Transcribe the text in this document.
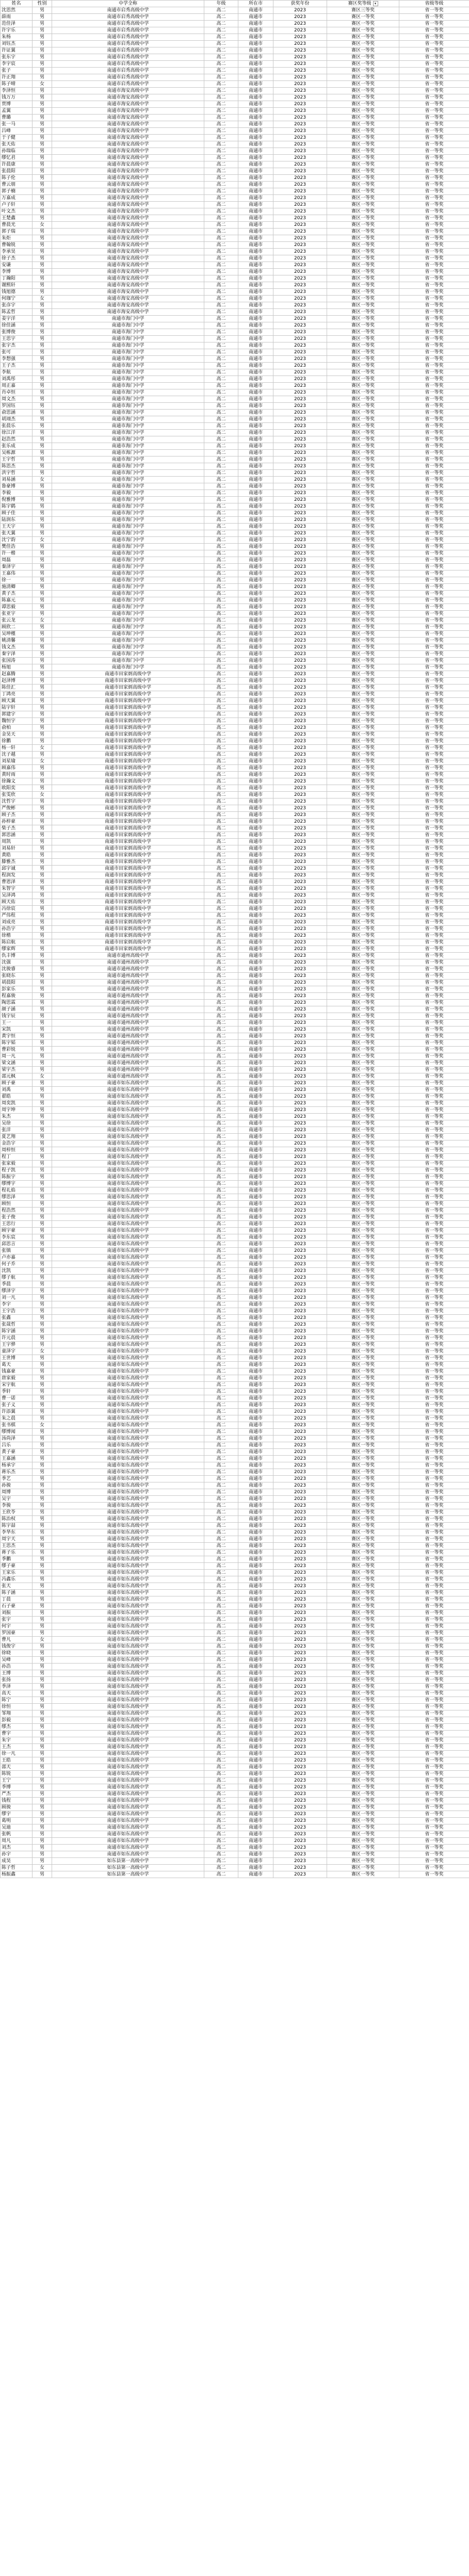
姓名	性别	中学全称	年级	所在市	获奖年份	赛区奖等级 ▾	省级等级
沈思然	男	南通市启秀高级中学	高二	南通市	2023	赛区三等奖	省一等奖
薛雨	男	南通市启秀高级中学	高二	南通市	2023	赛区一等奖	省一等奖
范佳泽	男	南通市启秀高级中学	高二	南通市	2023	赛区一等奖	省一等奖
许宇乐	男	南通市启秀高级中学	高二	南通市	2023	赛区一等奖	省一等奖
朱杨	男	南通市启秀高级中学	高二	南通市	2023	赛区一等奖	省一等奖
刘钰杰	男	南通市启秀高级中学	高二	南通市	2023	赛区一等奖	省一等奖
许证翼	男	南通市启秀高级中学	高二	南通市	2023	赛区一等奖	省一等奖
张东宇	男	南通市启秀高级中学	高二	南通市	2023	赛区一等奖	省一等奖
李宇宸	男	南通市启秀高级中学	高二	南通市	2023	赛区一等奖	省一等奖
张子	男	南通市启秀高级中学	高二	南通市	2023	赛区一等奖	省一等奖
许正翔	男	南通市启秀高级中学	高二	南通市	2023	赛区一等奖	省一等奖
陈子晴	女	南通市启秀高级中学	高二	南通市	2023	赛区一等奖	省一等奖
李泽恒	男	南通市海安高级中学	高二	南通市	2023	赛区一等奖	省一等奖
钱万万	男	南通市海安高级中学	高二	南通市	2023	赛区一等奖	省一等奖
贾博	男	南通市海安高级中学	高二	南通市	2023	赛区一等奖	省一等奖
孟翼	男	南通市海安高级中学	高二	南通市	2023	赛区一等奖	省一等奖
曹璐	男	南通市海安高级中学	高二	南通市	2023	赛区一等奖	省一等奖
张一马	男	南通市海安高级中学	高二	南通市	2023	赛区一等奖	省一等奖
吕峰	男	南通市海安高级中学	高二	南通市	2023	赛区一等奖	省一等奖
于子健	男	南通市海安高级中学	高二	南通市	2023	赛区一等奖	省一等奖
张天佑	男	南通市海安高级中学	高二	南通市	2023	赛区一等奖	省一等奖
孙瑞临	男	南通市海安高级中学	高二	南通市	2023	赛区一等奖	省一等奖
缪忆君	男	南通市海安高级中学	高二	南通市	2023	赛区一等奖	省一等奖
许晨康	男	南通市海安高级中学	高二	南通市	2023	赛区一等奖	省一等奖
张晨阳	男	南通市海安高级中学	高二	南通市	2023	赛区一等奖	省一等奖
陈子伦	男	南通市海安高级中学	高二	南通市	2023	赛区一等奖	省一等奖
曹云朋	男	南通市海安高级中学	高二	南通市	2023	赛区一等奖	省一等奖
郭子楠	男	南通市海安高级中学	高二	南通市	2023	赛区一等奖	省一等奖
万嘉成	男	南通市海安高级中学	高二	南通市	2023	赛区一等奖	省一等奖
卢子轩	男	南通市海安高级中学	高二	南通市	2023	赛区一等奖	省一等奖
叶文杰	男	南通市海安高级中学	高二	南通市	2023	赛区一等奖	省一等奖
王楚鑫	男	南通市海安高级中学	高二	南通市	2023	赛区一等奖	省一等奖
曹晨光	女	南通市海安高级中学	高二	南通市	2023	赛区一等奖	省一等奖
郭子瑞	男	南通市海安高级中学	高二	南通市	2023	赛区一等奖	省一等奖
朱炬	男	南通市海安高级中学	高二	南通市	2023	赛区一等奖	省一等奖
曹翰锐	男	南通市海安高级中学	高二	南通市	2023	赛区一等奖	省一等奖
李承昊	男	南通市海安高级中学	高二	南通市	2023	赛区一等奖	省一等奖
徐子杰	男	南通市海安高级中学	高二	南通市	2023	赛区一等奖	省一等奖
安谦	男	南通市海安高级中学	高二	南通市	2023	赛区一等奖	省一等奖
李博	男	南通市海安高级中学	高二	南通市	2023	赛区一等奖	省一等奖
丁瀚阳	男	南通市海安高级中学	高二	南通市	2023	赛区一等奖	省一等奖
谢熙轩	男	南通市海安高级中学	高二	南通市	2023	赛区一等奖	省一等奖
钱旭德	男	南通市海安高级中学	高二	南通市	2023	赛区一等奖	省一等奖
何珈宁	女	南通市海安高级中学	高二	南通市	2023	赛区一等奖	省一等奖
张彦宇	男	南通市海安高级中学	高二	南通市	2023	赛区一等奖	省一等奖
陈孟哲	男	南通市海安高级中学	高二	南通市	2023	赛区一等奖	省一等奖
姜宇洋	男	南通市海门中学	高二	南通市	2023	赛区一等奖	省一等奖
徐佳涵	男	南通市海门中学	高二	南通市	2023	赛区一等奖	省一等奖
张博俊	男	南通市海门中学	高二	南通市	2023	赛区一等奖	省一等奖
王思宇	男	南通市海门中学	高二	南通市	2023	赛区一等奖	省一等奖
张宇杰	男	南通市海门中学	高二	南通市	2023	赛区一等奖	省一等奖
张可	男	南通市海门中学	高二	南通市	2023	赛区一等奖	省一等奖
李想强	男	南通市海门中学	高二	南通市	2023	赛区一等奖	省一等奖
王子杰	男	南通市海门中学	高二	南通市	2023	赛区一等奖	省一等奖
李航	男	南通市海门中学	高二	南通市	2023	赛区一等奖	省一等奖
刘禹彤	男	南通市海门中学	高二	南通市	2023	赛区一等奖	省一等奖
周正嘉	男	南通市海门中学	高二	南通市	2023	赛区一等奖	省一等奖
肖卓恒	男	南通市海门中学	高二	南通市	2023	赛区一等奖	省一等奖
周文杰	男	南通市海门中学	高二	南通市	2023	赛区一等奖	省一等奖
罗国钰	男	南通市海门中学	高二	南通市	2023	赛区一等奖	省一等奖
俞思涵	男	南通市海门中学	高二	南通市	2023	赛区一等奖	省一等奖
胡翊杰	男	南通市海门中学	高二	南通市	2023	赛区一等奖	省一等奖
张晨乐	男	南通市海门中学	高二	南通市	2023	赛区一等奖	省一等奖
徐江洋	男	南通市海门中学	高二	南通市	2023	赛区一等奖	省一等奖
赵浩然	男	南通市海门中学	高二	南通市	2023	赛区一等奖	省一等奖
张乐成	男	南通市海门中学	高二	南通市	2023	赛区一等奖	省一等奖
吴栋源	男	南通市海门中学	高二	南通市	2023	赛区一等奖	省一等奖
王宇哲	男	南通市海门中学	高二	南通市	2023	赛区一等奖	省一等奖
陈思杰	男	南通市海门中学	高二	南通市	2023	赛区一等奖	省一等奖
洪宇哲	男	南通市海门中学	高二	南通市	2023	赛区一等奖	省一等奖
刘易涵	女	南通市海门中学	高二	南通市	2023	赛区一等奖	省一等奖
鲁豪博	男	南通市海门中学	高二	南通市	2023	赛区一等奖	省一等奖
李毅	男	南通市海门中学	高二	南通市	2023	赛区一等奖	省一等奖
倪雅博	男	南通市海门中学	高二	南通市	2023	赛区一等奖	省一等奖
陈宇鹤	男	南通市海门中学	高二	南通市	2023	赛区一等奖	省一等奖
顾子佳	男	南通市海门中学	高二	南通市	2023	赛区一等奖	省一等奖
陆润东	男	南通市海门中学	高二	南通市	2023	赛区一等奖	省一等奖
王天宇	男	南通市海门中学	高二	南通市	2023	赛区一等奖	省一等奖
张天翼	男	南通市海门中学	高二	南通市	2023	赛区一等奖	省一等奖
沈宁韵	女	南通市海门中学	高二	南通市	2023	赛区一等奖	省一等奖
樊佳浩	男	南通市海门中学	高二	南通市	2023	赛区一等奖	省一等奖
许一楷	男	南通市海门中学	高二	南通市	2023	赛区一等奖	省一等奖
周磊	男	南通市海门中学	高二	南通市	2023	赛区一等奖	省一等奖
秦泽宇	男	南通市海门中学	高二	南通市	2023	赛区一等奖	省一等奖
王嘉伟	男	南通市海门中学	高二	南通市	2023	赛区一等奖	省一等奖
徐一	男	南通市海门中学	高二	南通市	2023	赛区一等奖	省一等奖
施清卿	男	南通市海门中学	高二	南通市	2023	赛区一等奖	省一等奖
黄子杰	男	南通市海门中学	高二	南通市	2023	赛区一等奖	省一等奖
陈嘉元	男	南通市海门中学	高二	南通市	2023	赛区一等奖	省一等奖
谭思毅	男	南通市海门中学	高二	南通市	2023	赛区一等奖	省一等奖
张亚宇	男	南通市海门中学	高二	南通市	2023	赛区一等奖	省一等奖
张云龙	女	南通市海门中学	高二	南通市	2023	赛区一等奖	省一等奖
顾欣二	男	南通市海门中学	高二	南通市	2023	赛区一等奖	省一等奖
吴坤槿	男	南通市海门中学	高二	南通市	2023	赛区一等奖	省一等奖
姚清馨	男	南通市海门中学	高二	南通市	2023	赛区一等奖	省一等奖
钱文杰	男	南通市海门中学	高二	南通市	2023	赛区一等奖	省一等奖
秦宇泽	男	南通市海门中学	高二	南通市	2023	赛区一等奖	省一等奖
张国涛	男	南通市海门中学	高二	南通市	2023	赛区一等奖	省一等奖
杨旭	男	南通市海门中学	高二	南通市	2023	赛区一等奖	省一等奖
赵嘉腾	男	南通市田家炳高级中学	高二	南通市	2023	赛区一等奖	省一等奖
赵泽博	男	南通市田家炳高级中学	高二	南通市	2023	赛区一等奖	省一等奖
陈佳汇	男	南通市田家炳高级中学	高二	南通市	2023	赛区一等奖	省一等奖
丁鸿亮	男	南通市田家炳高级中学	高二	南通市	2023	赛区一等奖	省一等奖
顾天翼	男	南通市田家炳高级中学	高二	南通市	2023	赛区一等奖	省一等奖
陆宇轩	男	南通市田家炳高级中学	高二	南通市	2023	赛区一等奖	省一等奖
郭建宇	男	南通市田家炳高级中学	高二	南通市	2023	赛区一等奖	省一等奖
魏恒宇	男	南通市田家炳高级中学	高二	南通市	2023	赛区一等奖	省一等奖
俞柏	男	南通市田家炳高级中学	高二	南通市	2023	赛区一等奖	省一等奖
金昊天	男	南通市田家炳高级中学	高二	南通市	2023	赛区一等奖	省一等奖
徐鹏	男	南通市田家炳高级中学	高二	南通市	2023	赛区一等奖	省一等奖
杨一轩	女	南通市田家炳高级中学	高二	南通市	2023	赛区一等奖	省一等奖
沈子越	男	南通市田家炳高级中学	高二	南通市	2023	赛区一等奖	省一等奖
刘星瑜	女	南通市田家炳高级中学	高二	南通市	2023	赛区一等奖	省一等奖
顾嘉伟	男	南通市田家炳高级中学	高二	南通市	2023	赛区一等奖	省一等奖
黄时雨	男	南通市田家炳高级中学	高二	南通市	2023	赛区一等奖	省一等奖
徐瀚文	男	南通市田家炳高级中学	高二	南通市	2023	赛区一等奖	省一等奖
欧阳奕	男	南通市田家炳高级中学	高二	南通市	2023	赛区一等奖	省一等奖
张雯欣	女	南通市田家炳高级中学	高二	南通市	2023	赛区一等奖	省一等奖
沈哲宇	男	南通市田家炳高级中学	高二	南通市	2023	赛区一等奖	省一等奖
严俊彬	男	南通市田家炳高级中学	高二	南通市	2023	赛区一等奖	省一等奖
顾子杰	男	南通市田家炳高级中学	高二	南通市	2023	赛区一等奖	省一等奖
孙梓豪	男	南通市田家炳高级中学	高二	南通市	2023	赛区一等奖	省一等奖
柴子杰	男	南通市田家炳高级中学	高二	南通市	2023	赛区一等奖	省一等奖
郭思涵	男	南通市田家炳高级中学	高二	南通市	2023	赛区一等奖	省一等奖
周凯	男	南通市田家炳高级中学	高二	南通市	2023	赛区一等奖	省一等奖
刘易轩	男	南通市田家炳高级中学	高二	南通市	2023	赛区一等奖	省一等奖
黄皓	男	南通市田家炳高级中学	高二	南通市	2023	赛区一等奖	省一等奖
滕雅杰	男	南通市田家炳高级中学	高二	南通市	2023	赛区一等奖	省一等奖
邱宇诚	男	南通市田家炳高级中学	高二	南通市	2023	赛区一等奖	省一等奖
程润发	男	南通市田家炳高级中学	高二	南通市	2023	赛区一等奖	省一等奖
曹恩泽	男	南通市田家炳高级中学	高二	南通市	2023	赛区一等奖	省一等奖
朱智宇	男	南通市田家炳高级中学	高二	南通市	2023	赛区一等奖	省一等奖
吴泽鸿	男	南通市田家炳高级中学	高二	南通市	2023	赛区一等奖	省一等奖
顾天佑	男	南通市田家炳高级中学	高二	南通市	2023	赛区一等奖	省一等奖
冯徐宸	男	南通市田家炳高级中学	高二	南通市	2023	赛区一等奖	省一等奖
严伟程	男	南通市田家炳高级中学	高二	南通市	2023	赛区一等奖	省一等奖
刘成亮	男	南通市田家炳高级中学	高二	南通市	2023	赛区一等奖	省一等奖
孙浩宇	男	南通市田家炳高级中学	高二	南通市	2023	赛区一等奖	省一等奖
徐楷	男	南通市田家炳高级中学	高二	南通市	2023	赛区一等奖	省一等奖
陈启航	男	南通市田家炳高级中学	高二	南通市	2023	赛区一等奖	省一等奖
缪家辉	男	南通市田家炳高级中学	高二	南通市	2023	赛区一等奖	省一等奖
仇丰博	男	南通市通州高级中学	高二	南通市	2023	赛区一等奖	省一等奖
沈强	男	南通市通州高级中学	高二	南通市	2023	赛区一等奖	省一等奖
沈骏睿	男	南通市通州高级中学	高二	南通市	2023	赛区一等奖	省一等奖
张晓东	男	南通市通州高级中学	高二	南通市	2023	赛区一等奖	省一等奖
胡晨阳	男	南通市通州高级中学	高二	南通市	2023	赛区一等奖	省一等奖
彭家乐	男	南通市通州高级中学	高二	南通市	2023	赛区一等奖	省一等奖
程嘉骏	男	南通市通州高级中学	高二	南通市	2023	赛区一等奖	省一等奖
陶思霖	男	南通市通州高级中学	高二	南通市	2023	赛区一等奖	省一等奖
颜子涵	男	南通市通州高级中学	高二	南通市	2023	赛区一等奖	省一等奖
钱宇辰	男	南通市通州高级中学	高二	南通市	2023	赛区一等奖	省一等奖
王一	男	南通市通州高级中学	高二	南通市	2023	赛区一等奖	省一等奖
宋凯	男	南通市通州高级中学	高二	南通市	2023	赛区一等奖	省一等奖
黄宇恒	男	南通市通州高级中学	高二	南通市	2023	赛区一等奖	省一等奖
陈宇韬	男	南通市通州高级中学	高二	南通市	2023	赛区一等奖	省一等奖
曹彩锐	男	南通市通州高级中学	高二	南通市	2023	赛区一等奖	省一等奖
周一凡	男	南通市通州高级中学	高二	南通市	2023	赛区一等奖	省一等奖
梁文涵	男	南通市通州高级中学	高二	南通市	2023	赛区一等奖	省一等奖
梁宇杰	男	南通市通州高级中学	高二	南通市	2023	赛区一等奖	省一等奖
邵元枫	女	南通市通州高级中学	高二	南通市	2023	赛区一等奖	省一等奖
顾子豪	男	南通市如东高级中学	高二	南通市	2023	赛区一等奖	省一等奖
刘禹	男	南通市如东高级中学	高二	南通市	2023	赛区一等奖	省一等奖
翟皓	男	南通市如东高级中学	高二	南通市	2023	赛区一等奖	省一等奖
周奕凯	男	南通市如东高级中学	高二	南通市	2023	赛区一等奖	省一等奖
周宇坤	男	南通市如东高级中学	高二	南通市	2023	赛区一等奖	省一等奖
朱杰	男	南通市如东高级中学	高二	南通市	2023	赛区一等奖	省一等奖
吴徐	男	南通市如东高级中学	高二	南通市	2023	赛区一等奖	省一等奖
张洋	男	南通市如东高级中学	高二	南通市	2023	赛区一等奖	省一等奖
夏艺翔	男	南通市如东高级中学	高二	南通市	2023	赛区一等奖	省一等奖
金浩宇	男	南通市如东高级中学	高二	南通市	2023	赛区一等奖	省一等奖
周梓恒	男	南通市如东高级中学	高二	南通市	2023	赛区一等奖	省一等奖
程丁	男	南通市如东高级中学	高二	南通市	2023	赛区一等奖	省一等奖
张家毅	男	南通市如东高级中学	高二	南通市	2023	赛区一等奖	省一等奖
程子凯	男	南通市如东高级中学	高二	南通市	2023	赛区一等奖	省一等奖
陈振宇	男	南通市如东高级中学	高二	南通市	2023	赛区一等奖	省一等奖
缪博宇	男	南通市如东高级中学	高二	南通市	2023	赛区一等奖	省一等奖
程礼焰	男	南通市如东高级中学	高二	南通市	2023	赛区一等奖	省一等奖
缪思泽	男	南通市如东高级中学	高二	南通市	2023	赛区一等奖	省一等奖
顾恒	男	南通市如东高级中学	高二	南通市	2023	赛区一等奖	省一等奖
程浩然	男	南通市如东高级中学	高二	南通市	2023	赛区一等奖	省一等奖
张子俊	男	南通市如东高级中学	高二	南通市	2023	赛区一等奖	省一等奖
王思行	男	南通市如东高级中学	高二	南通市	2023	赛区一等奖	省一等奖
顾宇豪	男	南通市如东高级中学	高二	南通市	2023	赛区一等奖	省一等奖
李东宸	男	南通市如东高级中学	高二	南通市	2023	赛区一等奖	省一等奖
邱思言	男	南通市如东高级中学	高二	南通市	2023	赛区一等奖	省一等奖
张镇	男	南通市如东高级中学	高二	南通市	2023	赛区一等奖	省一等奖
卢亦嘉	男	南通市如东高级中学	高二	南通市	2023	赛区一等奖	省一等奖
何子乔	男	南通市如东高级中学	高二	南通市	2023	赛区一等奖	省一等奖
沈凯	男	南通市如东高级中学	高二	南通市	2023	赛区一等奖	省一等奖
缪子航	男	南通市如东高级中学	高二	南通市	2023	赛区一等奖	省一等奖
季晨	男	南通市如东高级中学	高二	南通市	2023	赛区一等奖	省一等奖
缪泽宇	男	南通市如东高级中学	高二	南通市	2023	赛区一等奖	省一等奖
刘一凡	男	南通市如东高级中学	高二	南通市	2023	赛区一等奖	省一等奖
李宇	男	南通市如东高级中学	高二	南通市	2023	赛区一等奖	省一等奖
王宇浩	男	南通市如东高级中学	高二	南通市	2023	赛区一等奖	省一等奖
张鑫	男	南通市如东高级中学	高二	南通市	2023	赛区一等奖	省一等奖
张晟哲	男	南通市如东高级中学	高二	南通市	2023	赛区一等奖	省一等奖
陈宇涵	男	南通市如东高级中学	高二	南通市	2023	赛区一等奖	省一等奖
许元晨	男	南通市如东高级中学	高二	南通市	2023	赛区一等奖	省一等奖
王宇骅	男	南通市如东高级中学	高二	南通市	2023	赛区一等奖	省一等奖
童泽宇	女	南通市如东高级中学	高二	南通市	2023	赛区一等奖	省一等奖
王世博	男	南通市如东高级中学	高二	南通市	2023	赛区一等奖	省一等奖
葛天	男	南通市如东高级中学	高二	南通市	2023	赛区一等奖	省一等奖
钱嘉豪	男	南通市如东高级中学	高二	南通市	2023	赛区一等奖	省一等奖
唐家毅	男	南通市如东高级中学	高二	南通市	2023	赛区一等奖	省一等奖
宋宇航	男	南通市如东高级中学	高二	南通市	2023	赛区一等奖	省一等奖
季轩	男	南通市如东高级中学	高二	南通市	2023	赛区一等奖	省一等奖
曹一诺	男	南通市如东高级中学	高二	南通市	2023	赛区一等奖	省一等奖
张子义	男	南通市如东高级中学	高二	南通市	2023	赛区一等奖	省一等奖
许添翼	男	南通市如东高级中学	高二	南通市	2023	赛区一等奖	省一等奖
朱之晨	男	南通市如东高级中学	高二	南通市	2023	赛区一等奖	省一等奖
张书棋	女	南通市如东高级中学	高二	南通市	2023	赛区一等奖	省一等奖
缪博闻	男	南通市如东高级中学	高二	南通市	2023	赛区一等奖	省一等奖
汤尚泽	男	南通市如东高级中学	高二	南通市	2023	赛区一等奖	省一等奖
吕乐	男	南通市如东高级中学	高二	南通市	2023	赛区一等奖	省一等奖
黄子豪	男	南通市如东高级中学	高二	南通市	2023	赛区一等奖	省一等奖
王嘉涵	男	南通市如东高级中学	高二	南通市	2023	赛区一等奖	省一等奖
杨承宇	男	南通市如东高级中学	高二	南通市	2023	赛区一等奖	省一等奖
蒋乐杰	男	南通市如东高级中学	高二	南通市	2023	赛区一等奖	省一等奖
季艺	男	南通市如东高级中学	高二	南通市	2023	赛区一等奖	省一等奖
孙骏	男	南通市如东高级中学	高二	南通市	2023	赛区一等奖	省一等奖
周博	男	南通市如东高级中学	高二	南通市	2023	赛区一等奖	省一等奖
吴宇	男	南通市如东高级中学	高二	南通市	2023	赛区一等奖	省一等奖
李骏	男	南通市如东高级中学	高二	南通市	2023	赛区一等奖	省一等奖
王欣苓	男	南通市如东高级中学	高二	南通市	2023	赛区一等奖	省一等奖
陈治权	男	南通市如东高级中学	高二	南通市	2023	赛区一等奖	省一等奖
陈宇喆	男	南通市如东高级中学	高二	南通市	2023	赛区一等奖	省一等奖
李华东	男	南通市如东高级中学	高二	南通市	2023	赛区一等奖	省一等奖
周宇天	男	南通市如东高级中学	高二	南通市	2023	赛区一等奖	省一等奖
王思杰	男	南通市如东高级中学	高二	南通市	2023	赛区一等奖	省一等奖
蒋子乐	男	南通市如东高级中学	高二	南通市	2023	赛区一等奖	省一等奖
季鹏	男	南通市如东高级中学	高二	南通市	2023	赛区一等奖	省一等奖
缪子豪	男	南通市如东高级中学	高二	南通市	2023	赛区一等奖	省一等奖
王家乐	男	南通市如东高级中学	高二	南通市	2023	赛区一等奖	省一等奖
冯鑫乐	男	南通市如东高级中学	高二	南通市	2023	赛区一等奖	省一等奖
张天	男	南通市如东高级中学	高二	南通市	2023	赛区一等奖	省一等奖
陈子涵	男	南通市如东高级中学	高二	南通市	2023	赛区一等奖	省一等奖
丁晨	男	南通市如东高级中学	高二	南通市	2023	赛区一等奖	省一等奖
石子豪	男	南通市如东高级中学	高二	南通市	2023	赛区一等奖	省一等奖
刘振	男	南通市如东高级中学	高二	南通市	2023	赛区一等奖	省一等奖
张宇	男	南通市如东高级中学	高二	南通市	2023	赛区一等奖	省一等奖
何宇	男	南通市如东高级中学	高二	南通市	2023	赛区一等奖	省一等奖
罗国豪	男	南通市如东高级中学	高二	南通市	2023	赛区一等奖	省一等奖
曹凡	女	南通市如东高级中学	高二	南通市	2023	赛区一等奖	省一等奖
钱俊宇	男	南通市如东高级中学	高二	南通市	2023	赛区一等奖	省一等奖
徐晓	男	南通市如东高级中学	高二	南通市	2023	赛区一等奖	省一等奖
吴峰	男	南通市如东高级中学	高二	南通市	2023	赛区一等奖	省一等奖
孙浩	男	南通市如东高级中学	高二	南通市	2023	赛区一等奖	省一等奖
王博	男	南通市如东高级中学	高二	南通市	2023	赛区一等奖	省一等奖
张扬	男	南通市如东高级中学	高二	南通市	2023	赛区一等奖	省一等奖
季泽	男	南通市如东高级中学	高二	南通市	2023	赛区一等奖	省一等奖
高天	男	南通市如东高级中学	高二	南通市	2023	赛区一等奖	省一等奖
陈宁	男	南通市如东高级中学	高二	南通市	2023	赛区一等奖	省一等奖
徐恒	男	南通市如东高级中学	高二	南通市	2023	赛区一等奖	省一等奖
邹翔	男	南通市如东高级中学	高二	南通市	2023	赛区一等奖	省一等奖
彭毅	男	南通市如东高级中学	高二	南通市	2023	赛区一等奖	省一等奖
缪杰	男	南通市如东高级中学	高二	南通市	2023	赛区一等奖	省一等奖
曹宇	男	南通市如东高级中学	高二	南通市	2023	赛区一等奖	省一等奖
朱宇	男	南通市如东高级中学	高二	南通市	2023	赛区一等奖	省一等奖
王杰	男	南通市如东高级中学	高二	南通市	2023	赛区一等奖	省一等奖
徐一凡	男	南通市如东高级中学	高二	南通市	2023	赛区一等奖	省一等奖
王皓	男	南通市如东高级中学	高二	南通市	2023	赛区一等奖	省一等奖
邵天	男	南通市如东高级中学	高二	南通市	2023	赛区一等奖	省一等奖
陈锐	男	南通市如东高级中学	高二	南通市	2023	赛区一等奖	省一等奖
王宁	男	南通市如东高级中学	高二	南通市	2023	赛区一等奖	省一等奖
季博	男	南通市如东高级中学	高二	南通市	2023	赛区一等奖	省一等奖
严杰	男	南通市如东高级中学	高二	南通市	2023	赛区一等奖	省一等奖
钱程	男	南通市如东高级中学	高二	南通市	2023	赛区一等奖	省一等奖
顾骏	男	南通市如东高级中学	高二	南通市	2023	赛区一等奖	省一等奖
缪宇	男	南通市如东高级中学	高二	南通市	2023	赛区一等奖	省一等奖
葛明	男	南通市如东高级中学	高二	南通市	2023	赛区一等奖	省一等奖
吴迪	男	南通市如东高级中学	高二	南通市	2023	赛区一等奖	省一等奖
张帆	男	南通市如东高级中学	高二	南通市	2023	赛区一等奖	省一等奖
周凡	男	南通市如东高级中学	高二	南通市	2023	赛区一等奖	省一等奖
刘杰	男	南通市如东高级中学	高二	南通市	2023	赛区一等奖	省一等奖
孙宇	男	南通市如东高级中学	高二	南通市	2023	赛区一等奖	省一等奖
成昊	男	如东县第一高级中学	高二	南通市	2023	赛区一等奖	省一等奖
陈子哲	女	如东县第一高级中学	高二	南通市	2023	赛区一等奖	省一等奖
杨振鑫	男	如东县第一高级中学	高二	南通市	2023	赛区一等奖	省一等奖
